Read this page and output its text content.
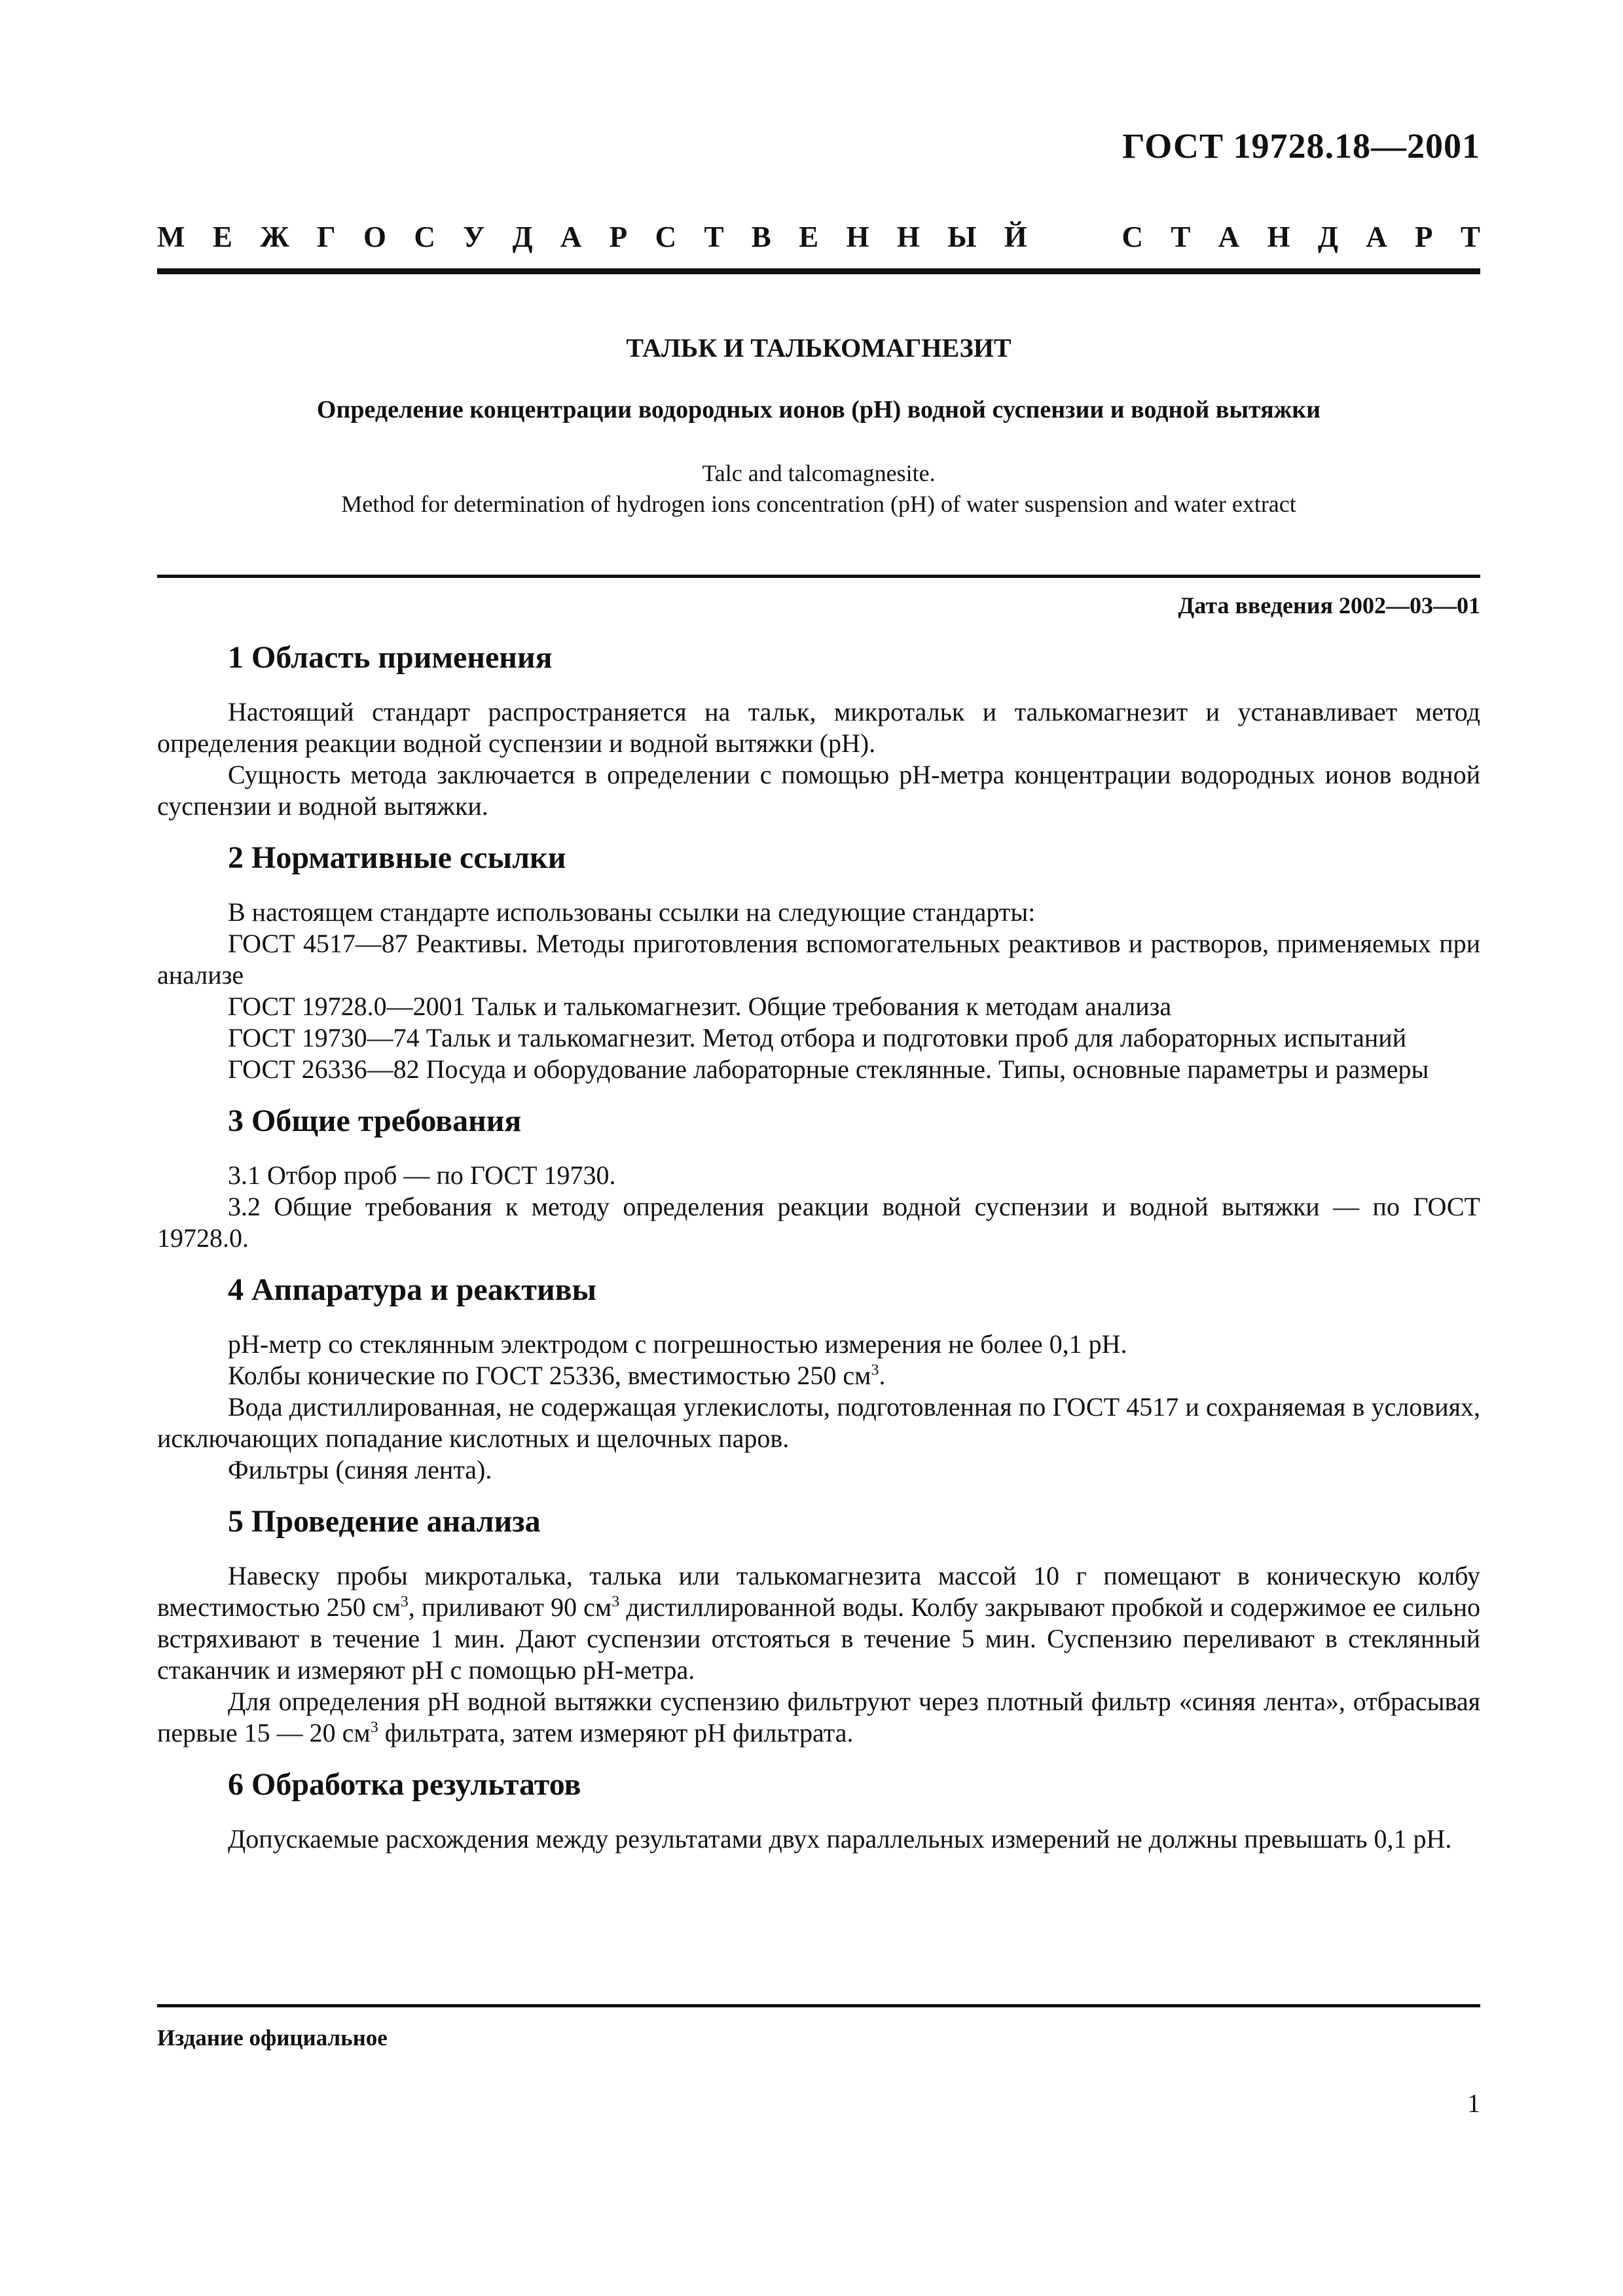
ГОСТ 19728.18—2001
М Е Ж Г О С У Д А Р С Т В Е Н Н Ы Й	С Т А Н Д А Р Т
ТАЛЬК И ТАЛЬКОМАГНЕЗИТ
Определение концентрации водородных ионов (pH) водной суспензии и водной вытяжки
Talc and talcomagnesite.
Method for determination of hydrogen ions concentration (pH) of water suspension and water extract
Дата введения 2002—03—01
1 Область применения

Настоящий стандарт распространяется на тальк, микротальк и талькомагнезит и устанавливает метод определения реакции водной суспензии и водной вытяжки (pH).

Сущность метода заключается в определении с помощью pH-метра концентрации водородных ионов водной суспензии и водной вытяжки.

2 Нормативные ссылки

В настоящем стандарте использованы ссылки на следующие стандарты:

ГОСТ 4517—87 Реактивы. Методы приготовления вспомогательных реактивов и растворов, применяемых при анализе

ГОСТ 19728.0—2001 Тальк и талькомагнезит. Общие требования к методам анализа

ГОСТ 19730—74 Тальк и талькомагнезит. Метод отбора и подготовки проб для лабораторных испытаний

ГОСТ 26336—82 Посуда и оборудование лабораторные стеклянные. Типы, основные параметры и размеры

3 Общие требования

3.1 Отбор проб — по ГОСТ 19730.

3.2 Общие требования к методу определения реакции водной суспензии и водной вытяжки — по ГОСТ 19728.0.

4 Аппаратура и реактивы

pH-метр со стеклянным электродом с погрешностью измерения не более 0,1 pH.

Колбы конические по ГОСТ 25336, вместимостью 250 $см^3$.

Вода дистиллированная, не содержащая углекислоты, подготовленная по ГОСТ 4517 и сохраняемая в условиях, исключающих попадание кислотных и щелочных паров.

Фильтры (синяя лента).

5 Проведение анализа

Навеску пробы микроталька, талька или талькомагнезита массой 10 г помещают в коническую колбу вместимостью 250 $см^3$, приливают 90 $см^3$ дистиллированной воды. Колбу закрывают пробкой и содержимое ее сильно встряхивают в течение 1 мин. Дают суспензии отстояться в течение 5 мин. Суспензию переливают в стеклянный стаканчик и измеряют pH с помощью pH-метра.

Для определения pH водной вытяжки суспензию фильтруют через плотный фильтр «синяя лента», отбрасывая первые 15 — 20 $см^3$ фильтрата, затем измеряют pH фильтрата.

6 Обработка результатов

Допускаемые расхождения между результатами двух параллельных измерений не должны превышать 0,1 pH.

Издание официальное
1
